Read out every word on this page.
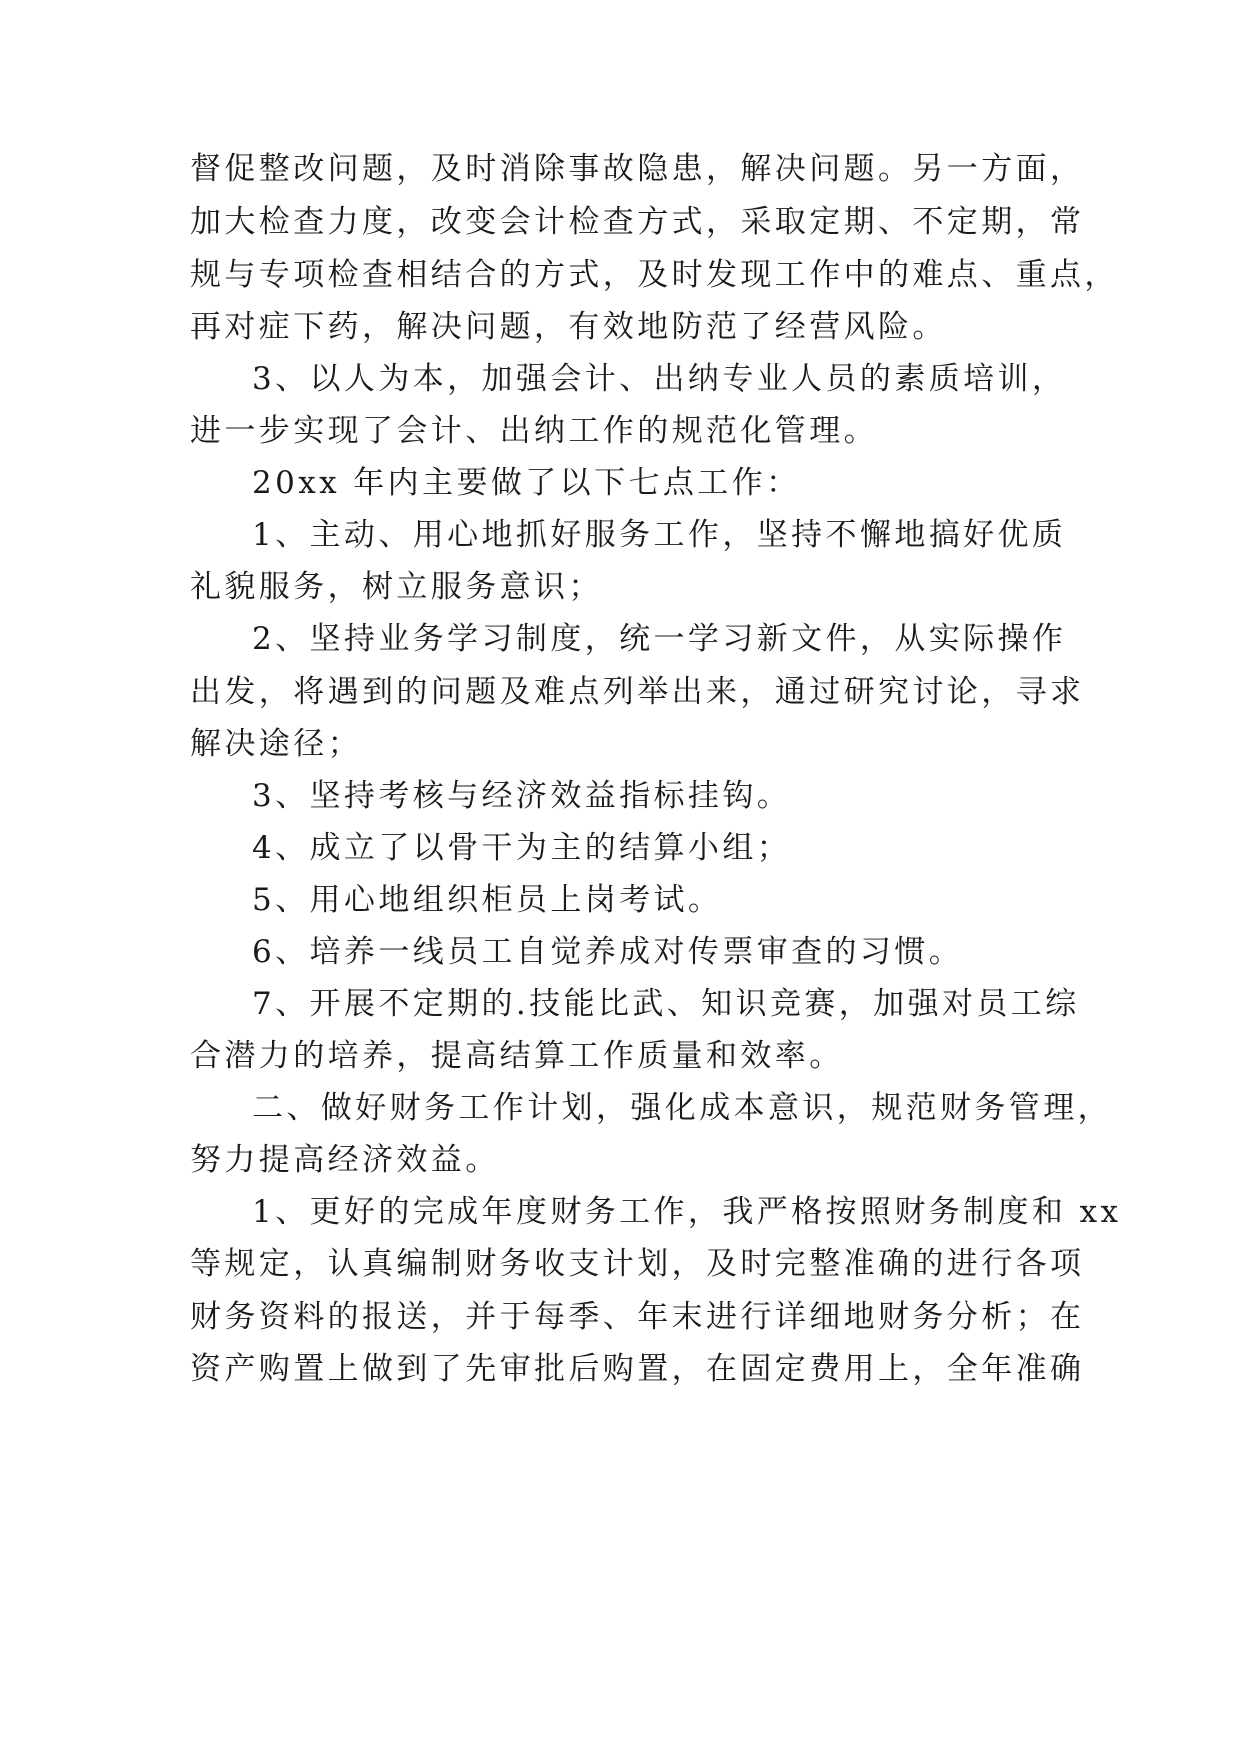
督促整改问题，及时消除事故隐患，解决问题。另一方面，
加大检查力度，改变会计检查方式，采取定期、不定期，常
规与专项检查相结合的方式，及时发现工作中的难点、重点，
再对症下药，解决问题，有效地防范了经营风险。
3、以人为本，加强会计、出纳专业人员的素质培训，
进一步实现了会计、出纳工作的规范化管理。
20xx 年内主要做了以下七点工作：
1、主动、用心地抓好服务工作，坚持不懈地搞好优质
礼貌服务，树立服务意识；
2、坚持业务学习制度，统一学习新文件，从实际操作
出发，将遇到的问题及难点列举出来，通过研究讨论，寻求
解决途径；
3、坚持考核与经济效益指标挂钩。
4、成立了以骨干为主的结算小组；
5、用心地组织柜员上岗考试。
6、培养一线员工自觉养成对传票审查的习惯。
7、开展不定期的.技能比武、知识竞赛，加强对员工综
合潜力的培养，提高结算工作质量和效率。
二、做好财务工作计划，强化成本意识，规范财务管理，
努力提高经济效益。
1、更好的完成年度财务工作，我严格按照财务制度和 xx
等规定，认真编制财务收支计划，及时完整准确的进行各项
财务资料的报送，并于每季、年末进行详细地财务分析；在
资产购置上做到了先审批后购置，在固定费用上，全年准确
